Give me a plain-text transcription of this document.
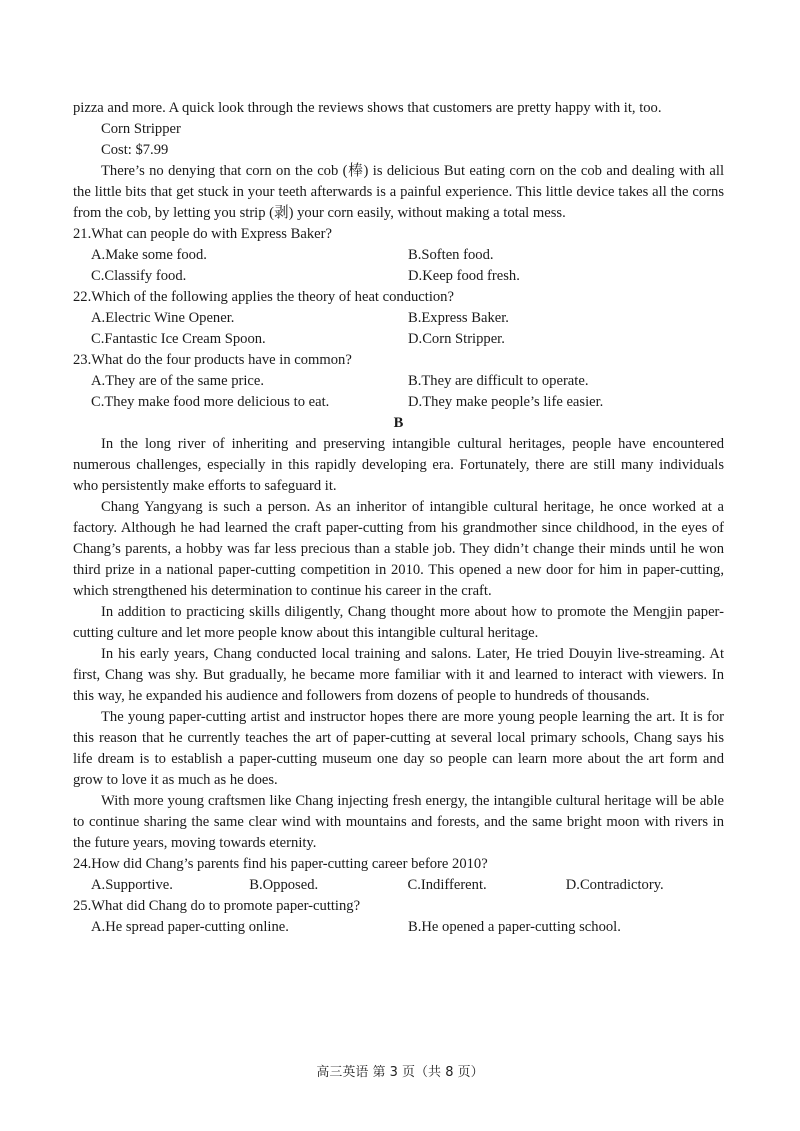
pizza and more. A quick look through the reviews shows that customers are pretty happy with it, too.

Corn Stripper
Cost: $7.99

There’s no denying that corn on the cob (棒) is delicious But eating corn on the cob and dealing with all the little bits that get stuck in your teeth afterwards is a painful experience. This little device takes all the corns from the cob, by letting you strip (剥) your corn easily, without making a total mess.

21.What can people do with Express Baker?
A.Make some food.	B.Soften food.
C.Classify food.	D.Keep food fresh.
22.Which of the following applies the theory of heat conduction?
A.Electric Wine Opener.	B.Express Baker.
C.Fantastic Ice Cream Spoon.	D.Corn Stripper.
23.What do the four products have in common?
A.They are of the same price.	B.They are difficult to operate.
C.They make food more delicious to eat.	D.They make people’s life easier.

B

In the long river of inheriting and preserving intangible cultural heritages, people have encountered numerous challenges, especially in this rapidly developing era. Fortunately, there are still many individuals who persistently make efforts to safeguard it.

Chang Yangyang is such a person. As an inheritor of intangible cultural heritage, he once worked at a factory. Although he had learned the craft paper-cutting from his grandmother since childhood, in the eyes of Chang’s parents, a hobby was far less precious than a stable job. They didn’t change their minds until he won third prize in a national paper-cutting competition in 2010. This opened a new door for him in paper-cutting, which strengthened his determination to continue his career in the craft.

In addition to practicing skills diligently, Chang thought more about how to promote the Mengjin paper-cutting culture and let more people know about this intangible cultural heritage.

In his early years, Chang conducted local training and salons. Later, He tried Douyin live-streaming. At first, Chang was shy. But gradually, he became more familiar with it and learned to interact with viewers. In this way, he expanded his audience and followers from dozens of people to hundreds of thousands.

The young paper-cutting artist and instructor hopes there are more young people learning the art. It is for this reason that he currently teaches the art of paper-cutting at several local primary schools, Chang says his life dream is to establish a paper-cutting museum one day so people can learn more about the art form and grow to love it as much as he does.

With more young craftsmen like Chang injecting fresh energy, the intangible cultural heritage will be able to continue sharing the same clear wind with mountains and forests, and the same bright moon with rivers in the future years, moving towards eternity.

24.How did Chang’s parents find his paper-cutting career before 2010?
A.Supportive.	B.Opposed.	C.Indifferent.	D.Contradictory.
25.What did Chang do to promote paper-cutting?
A.He spread paper-cutting online.	B.He opened a paper-cutting school.
高三英语 第 3 页（共 8 页）
